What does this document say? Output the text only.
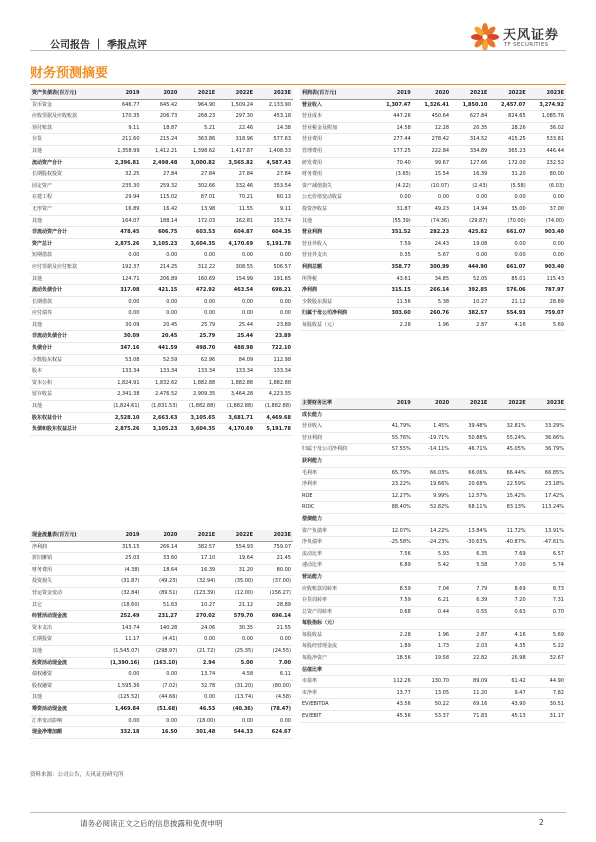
公司报告 ｜ 季报点评
天风证券
TF SECURITIES
财务预测摘要
资产负债表(百万元)	2019	2020	2021E	2022E	2023E
货币资金	646.77	645.42	964.90	1,509.24	2,133.90
应收票据及应收账款	170.35	206.73	268.23	297.30	453.18
预付账款	9.11	18.87	5.21	22.46	14.38
存货	211.60	215.24	363.86	318.96	577.63
其他	1,358.99	1,412.21	1,398.62	1,417.87	1,408.33
流动资产合计	2,396.81	2,498.48	3,000.82	3,565.82	4,587.43
长期股权投资	32.25	27.84	27.84	27.84	27.84
固定资产	235.30	259.32	302.66	332.46	353.54
在建工程	29.94	115.02	87.01	70.21	60.13
无形资产	16.89	16.42	13.98	11.55	9.11
其他	164.07	188.14	172.03	162.81	153.74
非流动资产合计	478.45	606.75	603.53	604.87	604.35
资产总计	2,875.26	3,105.23	3,604.35	4,170.69	5,191.78
短期借款	0.00	0.00	0.00	0.00	0.00
应付票据及应付账款	192.37	214.25	312.22	308.55	506.57
其他	124.71	206.89	160.69	154.99	191.65
流动负债合计	317.08	421.15	472.92	463.54	698.21
长期借款	0.00	0.00	0.00	0.00	0.00
应付债券	0.00	0.00	0.00	0.00	0.00
其他	30.09	20.45	25.79	25.44	23.89
非流动负债合计	30.09	20.45	25.79	25.44	23.89
负债合计	347.16	441.59	498.70	488.98	722.10
少数股东权益	53.08	52.59	62.96	84.09	112.98
股本	133.34	133.34	133.34	133.34	133.34
资本公积	1,824.91	1,832.62	1,882.88	1,882.88	1,882.88
留存收益	2,341.38	2,476.52	2,909.35	3,464.28	4,223.35
其他	(1,824.61)	(1,831.53)	(1,882.88)	(1,882.88)	(1,882.88)
股东权益合计	2,528.10	2,663.63	3,105.65	3,681.71	4,469.68
负债和股东权益总计	2,875.26	3,105.23	3,604.35	4,170.69	5,191.78
利润表(百万元)	2019	2020	2021E	2022E	2023E
营业收入	1,307.47	1,326.41	1,850.10	2,457.07	3,274.92
营业成本	447.26	450.64	627.84	824.65	1,085.76
营业税金及附加	14.58	12.28	20.35	28.26	36.02
营业费用	277.44	278.42	314.52	415.25	533.81
管理费用	177.25	222.84	334.89	365.23	446.44
研发费用	70.40	99.67	127.66	172.00	232.52
财务费用	(3.65)	15.54	16.39	31.20	80.00
资产减值损失	(4.22)	(10.07)	(2.43)	(5.58)	(6.03)
公允价值变动收益	0.00	0.00	0.00	0.00	0.00
投资净收益	31.87	49.23	14.94	35.00	37.00
其他	(55.39)	(74.36)	(29.87)	(70.00)	(74.00)
营业利润	351.52	282.23	425.82	661.07	903.40
营业外收入	7.59	24.43	19.08	0.00	0.00
营业外支出	0.35	5.67	0.00	0.00	0.00
利润总额	358.77	300.99	444.90	661.07	903.40
所得税	43.61	34.85	52.05	85.01	115.43
净利润	315.15	266.14	392.85	576.06	787.97
少数股东损益	11.56	5.38	10.27	21.12	28.89
归属于母公司净利润	303.60	260.76	382.57	554.93	759.07
每股收益（元）	2.28	1.96	2.87	4.16	5.69
主要财务比率	2019	2020	2021E	2022E	2023E
成长能力					
营业收入	41.79%	1.45%	39.48%	32.81%	33.29%
营业利润	55.76%	-19.71%	50.88%	55.24%	36.66%
归属于母公司净利润	57.55%	-14.11%	46.71%	45.05%	36.79%
获利能力					
毛利率	65.79%	66.03%	66.06%	66.44%	66.85%
净利率	23.22%	19.66%	20.68%	22.59%	23.18%
ROE	12.27%	9.99%	12.57%	15.42%	17.42%
ROIC	88.40%	52.82%	68.11%	83.13%	113.24%
偿债能力					
资产负债率	12.07%	14.22%	13.84%	11.72%	13.91%
净负债率	-25.58%	-24.23%	-30.63%	-40.87%	-47.61%
流动比率	7.56	5.93	6.35	7.69	6.57
速动比率	6.89	5.42	5.58	7.00	5.74
营运能力					
应收账款周转率	8.59	7.04	7.79	8.69	8.73
存货周转率	7.59	6.21	6.39	7.20	7.31
总资产周转率	0.68	0.44	0.55	0.63	0.70
每股指标（元）					
每股收益	2.28	1.96	2.87	4.16	5.69
每股经营现金流	1.89	1.73	2.03	4.35	5.22
每股净资产	18.56	19.58	22.82	26.98	32.67
估值比率					
市盈率	112.26	130.70	89.09	61.42	44.90
市净率	13.77	13.05	11.20	9.47	7.82
EV/EBITDA	43.56	50.22	69.16	43.90	30.51
EV/EBIT	45.56	53.37	71.83	45.13	31.17
现金流量表(百万元)	2019	2020	2021E	2022E	2023E
净利润	315.15	266.14	382.57	554.93	759.07
折旧摊销	25.03	33.60	17.10	19.64	21.45
财务费用	(4.38)	18.64	16.39	31.20	80.00
投资损失	(31.87)	(49.23)	(32.94)	(35.00)	(37.00)
营运资金变动	(32.84)	(89.51)	(123.39)	(12.00)	(156.27)
其它	(18.60)	51.63	10.27	21.12	28.89
经营活动现金流	252.49	231.27	270.02	579.70	696.14
资本支出	143.74	140.28	24.06	30.35	21.55
长期投资	11.17	(4.41)	0.00	0.00	0.00
其他	(1,545.07)	(298.97)	(21.72)	(25.35)	(24.55)
投资活动现金流	(1,390.16)	(163.10)	2.94	5.00	7.00
债权融资	0.00	0.00	13.74	4.58	6.11
股权融资	1,595.36	(7.02)	32.78	(31.20)	(80.00)
其他	(125.52)	(44.66)	0.00	(13.74)	(4.58)
筹资活动现金流	1,469.84	(51.68)	46.53	(40.36)	(78.47)
汇率变动影响	0.00	0.00	(18.00)	0.00	0.00
现金净增加额	332.18	16.50	301.48	544.33	624.67
资料来源：公司公告，天风证券研究所
请务必阅读正文之后的信息披露和免责申明	2
